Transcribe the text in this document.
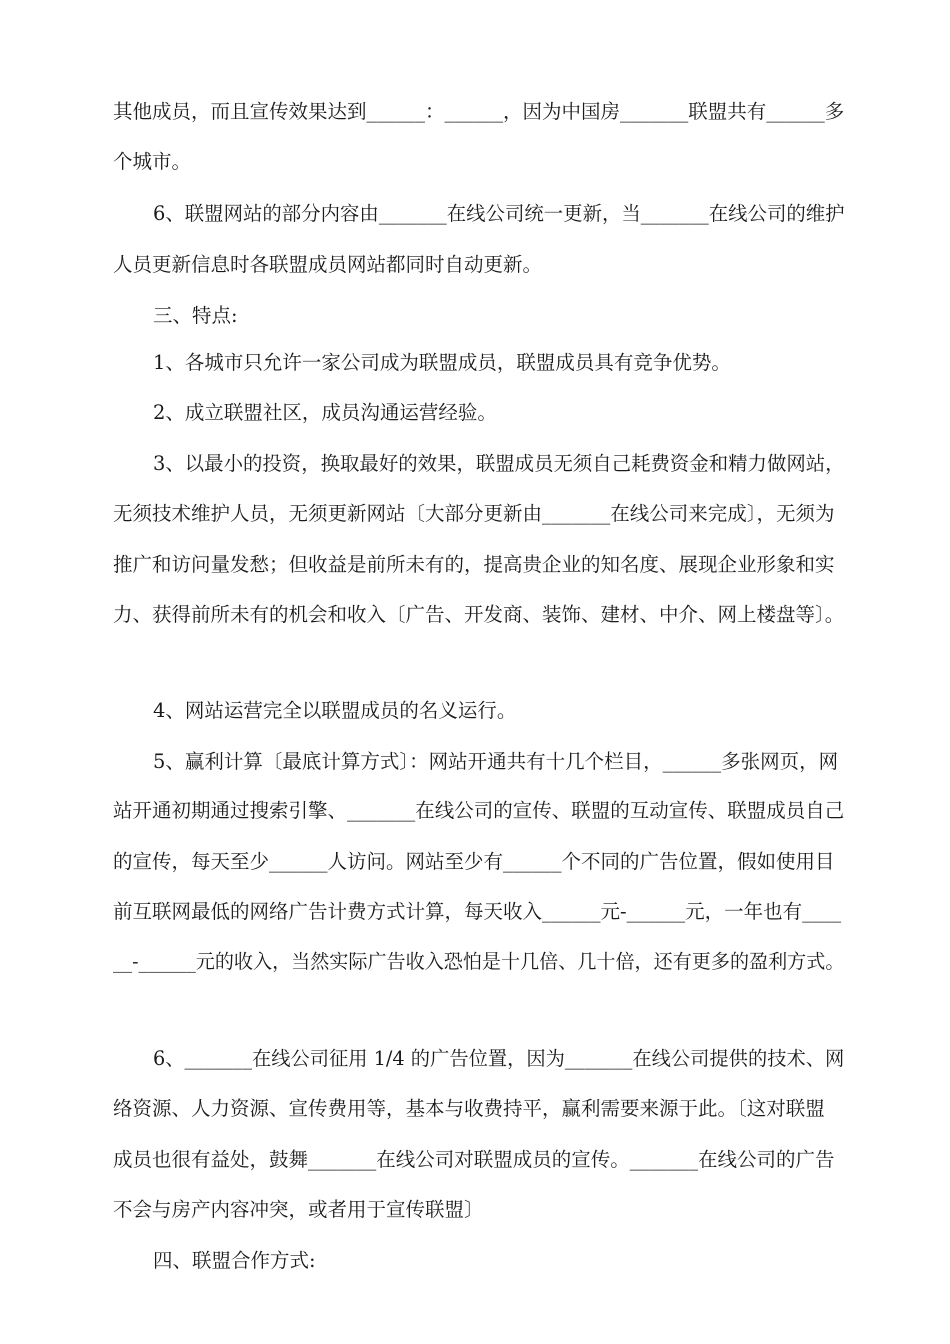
其他成员，而且宣传效果达到______：______，因为中国房_______联盟共有______多
个城市。
6、联盟网站的部分内容由_______在线公司统一更新，当_______在线公司的维护
人员更新信息时各联盟成员网站都同时自动更新。
三、特点:
1、各城市只允许一家公司成为联盟成员，联盟成员具有竞争优势。
2、成立联盟社区，成员沟通运营经验。
3、以最小的投资，换取最好的效果，联盟成员无须自己耗费资金和精力做网站，
无须技术维护人员，无须更新网站〔大部分更新由_______在线公司来完成〕，无须为
推广和访问量发愁；但收益是前所未有的，提高贵企业的知名度、展现企业形象和实
力、获得前所未有的机会和收入〔广告、开发商、装饰、建材、中介、网上楼盘等〕。
4、网站运营完全以联盟成员的名义运行。
5、赢利计算〔最底计算方式〕：网站开通共有十几个栏目，______多张网页，网
站开通初期通过搜索引擎、_______在线公司的宣传、联盟的互动宣传、联盟成员自己
的宣传，每天至少______人访问。网站至少有______个不同的广告位置，假如使用目
前互联网最低的网络广告计费方式计算，每天收入______元-______元，一年也有____
__-______元的收入，当然实际广告收入恐怕是十几倍、几十倍，还有更多的盈利方式。
6、_______在线公司征用 1/4 的广告位置，因为_______在线公司提供的技术、网
络资源、人力资源、宣传费用等，基本与收费持平，赢利需要来源于此。〔这对联盟
成员也很有益处，鼓舞_______在线公司对联盟成员的宣传。_______在线公司的广告
不会与房产内容冲突，或者用于宣传联盟〕
四、联盟合作方式:
